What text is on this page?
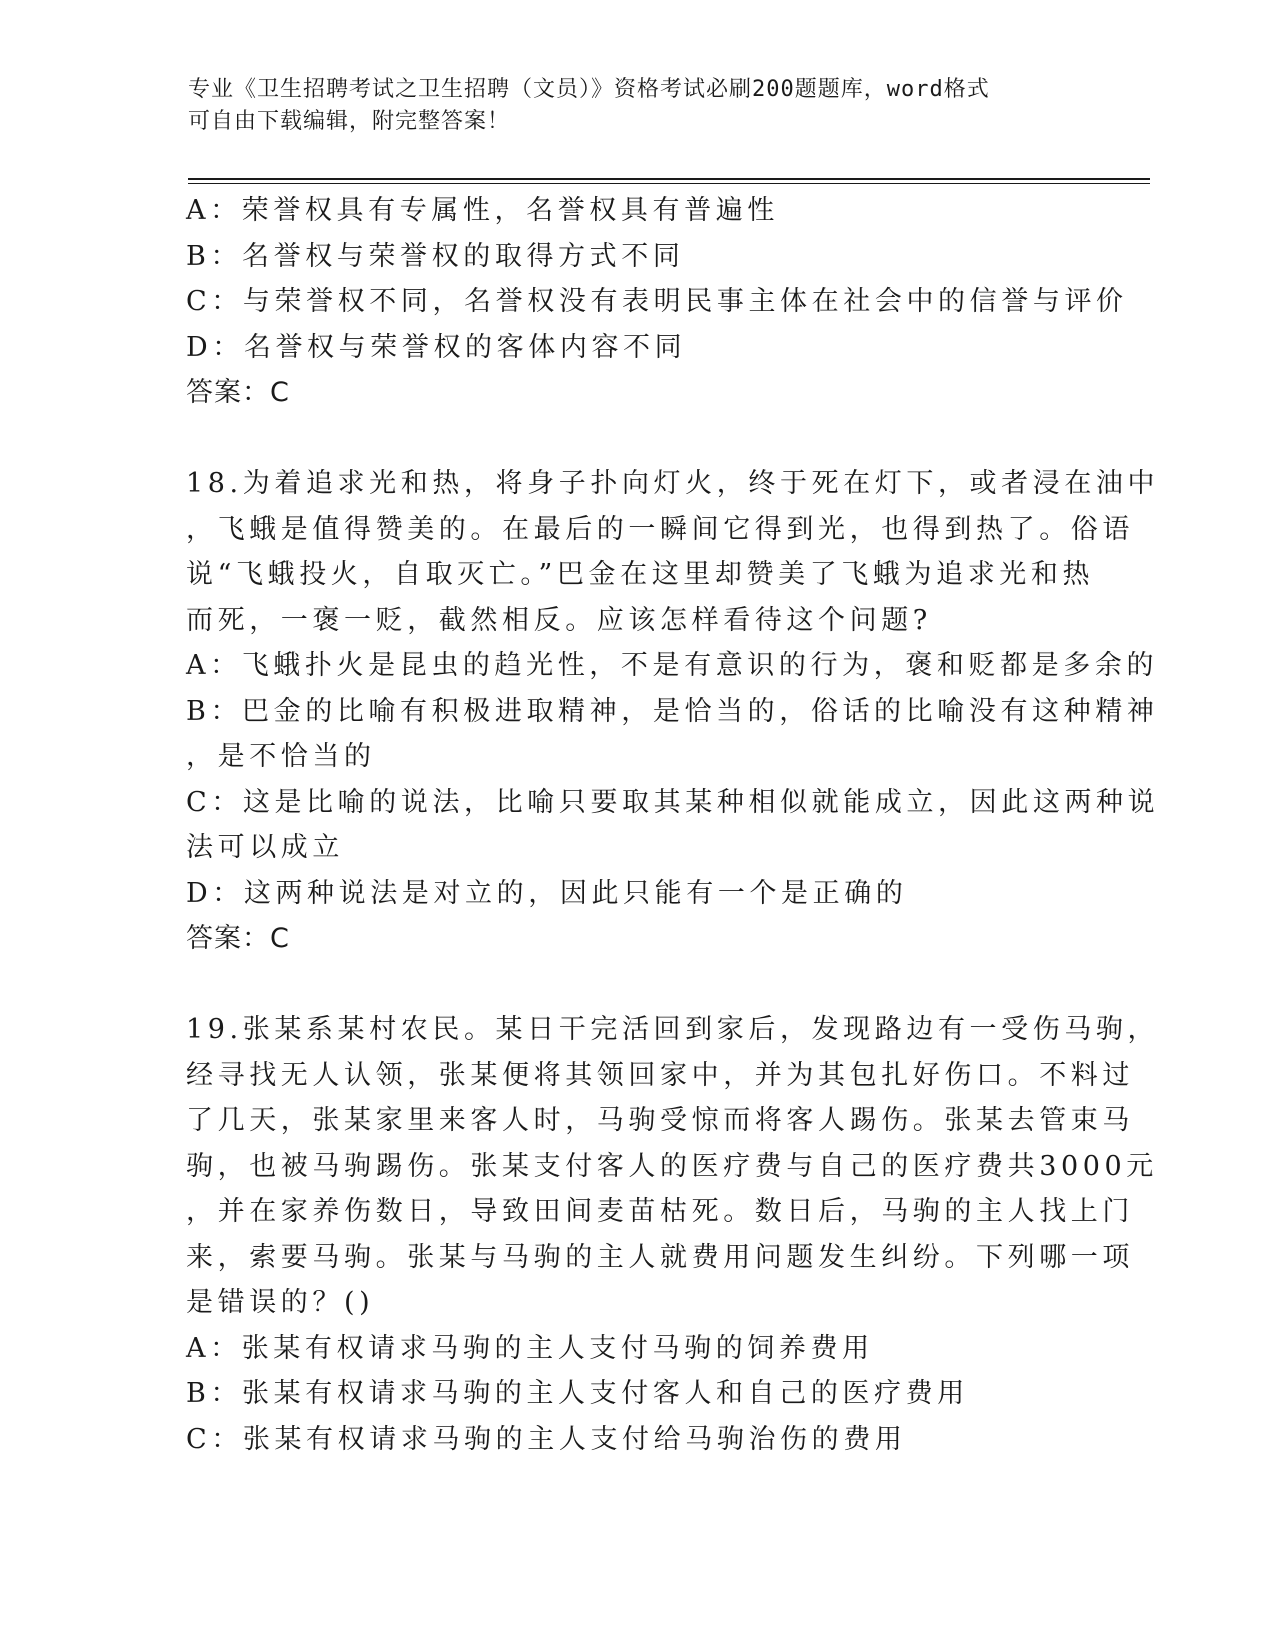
专业《卫生招聘考试之卫生招聘（文员）》资格考试必刷200题题库，word格式
可自由下载编辑，附完整答案！
A：荣誉权具有专属性，名誉权具有普遍性
B：名誉权与荣誉权的取得方式不同
C：与荣誉权不同，名誉权没有表明民事主体在社会中的信誉与评价
D：名誉权与荣誉权的客体内容不同
答案：C
18.为着追求光和热，将身子扑向灯火，终于死在灯下，或者浸在油中
，飞蛾是值得赞美的。在最后的一瞬间它得到光，也得到热了。俗语
说“飞蛾投火，自取灭亡。”巴金在这里却赞美了飞蛾为追求光和热
而死，一褒一贬，截然相反。应该怎样看待这个问题?
A：飞蛾扑火是昆虫的趋光性，不是有意识的行为，褒和贬都是多余的
B：巴金的比喻有积极进取精神，是恰当的，俗话的比喻没有这种精神
，是不恰当的
C：这是比喻的说法，比喻只要取其某种相似就能成立，因此这两种说
法可以成立
D：这两种说法是对立的，因此只能有一个是正确的
答案：C
19.张某系某村农民。某日干完活回到家后，发现路边有一受伤马驹，
经寻找无人认领，张某便将其领回家中，并为其包扎好伤口。不料过
了几天，张某家里来客人时，马驹受惊而将客人踢伤。张某去管束马
驹，也被马驹踢伤。张某支付客人的医疗费与自己的医疗费共3000元
，并在家养伤数日，导致田间麦苗枯死。数日后，马驹的主人找上门
来，索要马驹。张某与马驹的主人就费用问题发生纠纷。下列哪一项
是错误的？()
A：张某有权请求马驹的主人支付马驹的饲养费用
B：张某有权请求马驹的主人支付客人和自己的医疗费用
C：张某有权请求马驹的主人支付给马驹治伤的费用
